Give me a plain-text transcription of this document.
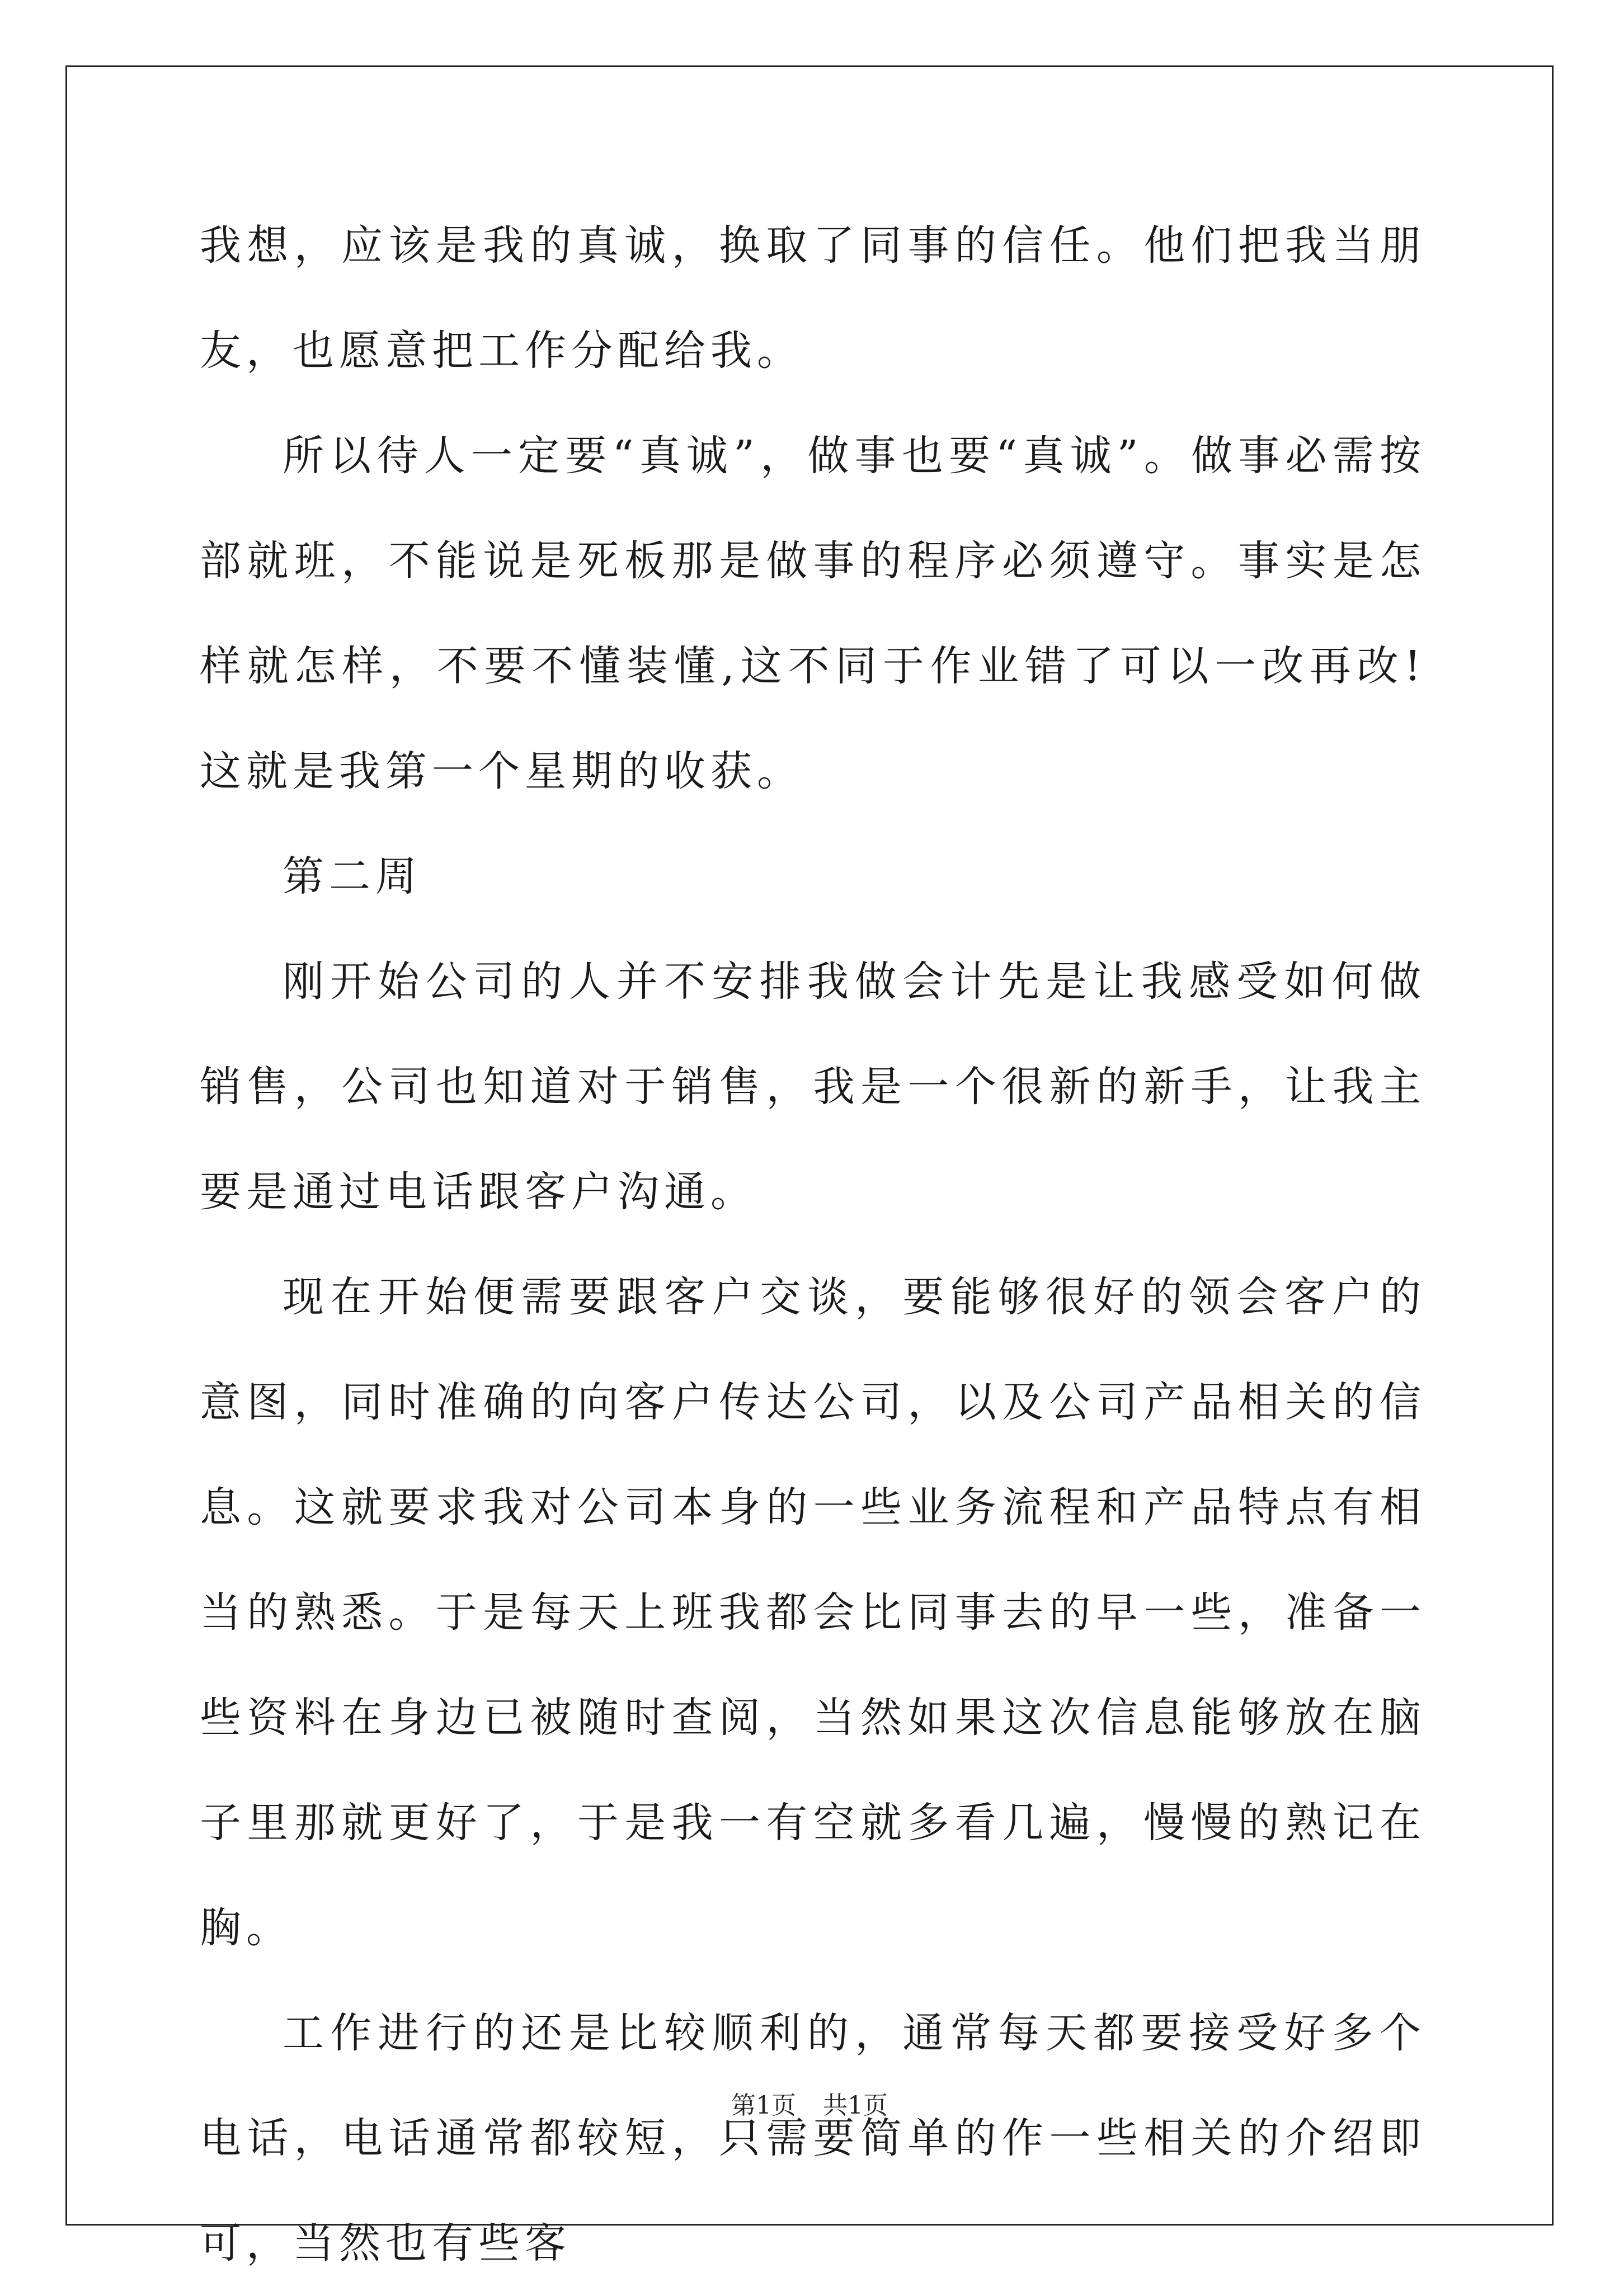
我想，应该是我的真诚，换取了同事的信任。他们把我当朋友，也愿意把工作分配给我。

所以待人一定要“真诚”，做事也要“真诚”。做事必需按部就班，不能说是死板那是做事的程序必须遵守。事实是怎样就怎样，不要不懂装懂,这不同于作业错了可以一改再改!这就是我第一个星期的收获。

第二周

刚开始公司的人并不安排我做会计先是让我感受如何做销售，公司也知道对于销售，我是一个很新的新手，让我主要是通过电话跟客户沟通。

现在开始便需要跟客户交谈，要能够很好的领会客户的意图，同时准确的向客户传达公司，以及公司产品相关的信息。这就要求我对公司本身的一些业务流程和产品特点有相当的熟悉。于是每天上班我都会比同事去的早一些，准备一些资料在身边已被随时查阅，当然如果这次信息能够放在脑子里那就更好了，于是我一有空就多看几遍，慢慢的熟记在胸。

工作进行的还是比较顺利的，通常每天都要接受好多个电话，电话通常都较短，只需要简单的作一些相关的介绍即可，当然也有些客

第1页 共1页
